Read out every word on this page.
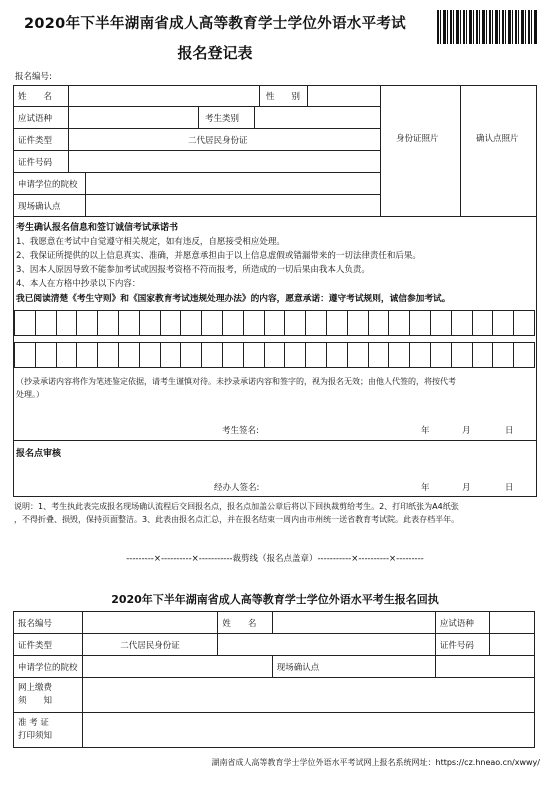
2020年下半年湖南省成人高等教育学士学位外语水平考试
报名登记表
报名编号:
姓　　名	性　　别
应试语种	考生类别
证件类型	二代居民身份证
证件号码
申请学位的院校
现场确认点
身份证照片	确认点照片
考生确认报名信息和签订诚信考试承诺书
1、我愿意在考试中自觉遵守相关规定，如有违反，自愿接受相应处理。
2、我保证所提供的以上信息真实、准确，并愿意承担由于以上信息虚假或错漏带来的一切法律责任和后果。
3、因本人原因导致不能参加考试或因报考资格不符而报考，所造成的一切后果由我本人负责。
4、本人在方格中抄录以下内容：
我已阅读清楚《考生守则》和《国家教育考试违规处理办法》的内容，愿意承诺：遵守考试规则，诚信参加考试。
（抄录承诺内容将作为笔迹鉴定依据，请考生谨慎对待。未抄录承诺内容和签字的，视为报名无效；由他人代签的，将按代考
处理。）
考生签名:	年	月	日
报名点审核
经办人签名:	年	月	日
说明：1、考生执此表完成报名现场确认流程后交回报名点，报名点加盖公章后将以下回执裁剪给考生。2、打印纸张为A4纸张
，不得折叠、损毁，保持页面整洁。3、此表由报名点汇总，并在报名结束一周内由市州统一送省教育考试院。此表存档半年。
---------×----------×-----------裁剪线（报名点盖章）-----------×----------×---------
2020年下半年湖南省成人高等教育学士学位外语水平考生报名回执
报名编号		姓　　名		应试语种	
证件类型	二代居民身份证			证件号码	
申请学位的院校			现场确认点		

网上缴费
须　　知					

准 考 证
打印须知					

湖南省成人高等教育学士学位外语水平考试网上报名系统网址：https://cz.hneao.cn/xwwy/
